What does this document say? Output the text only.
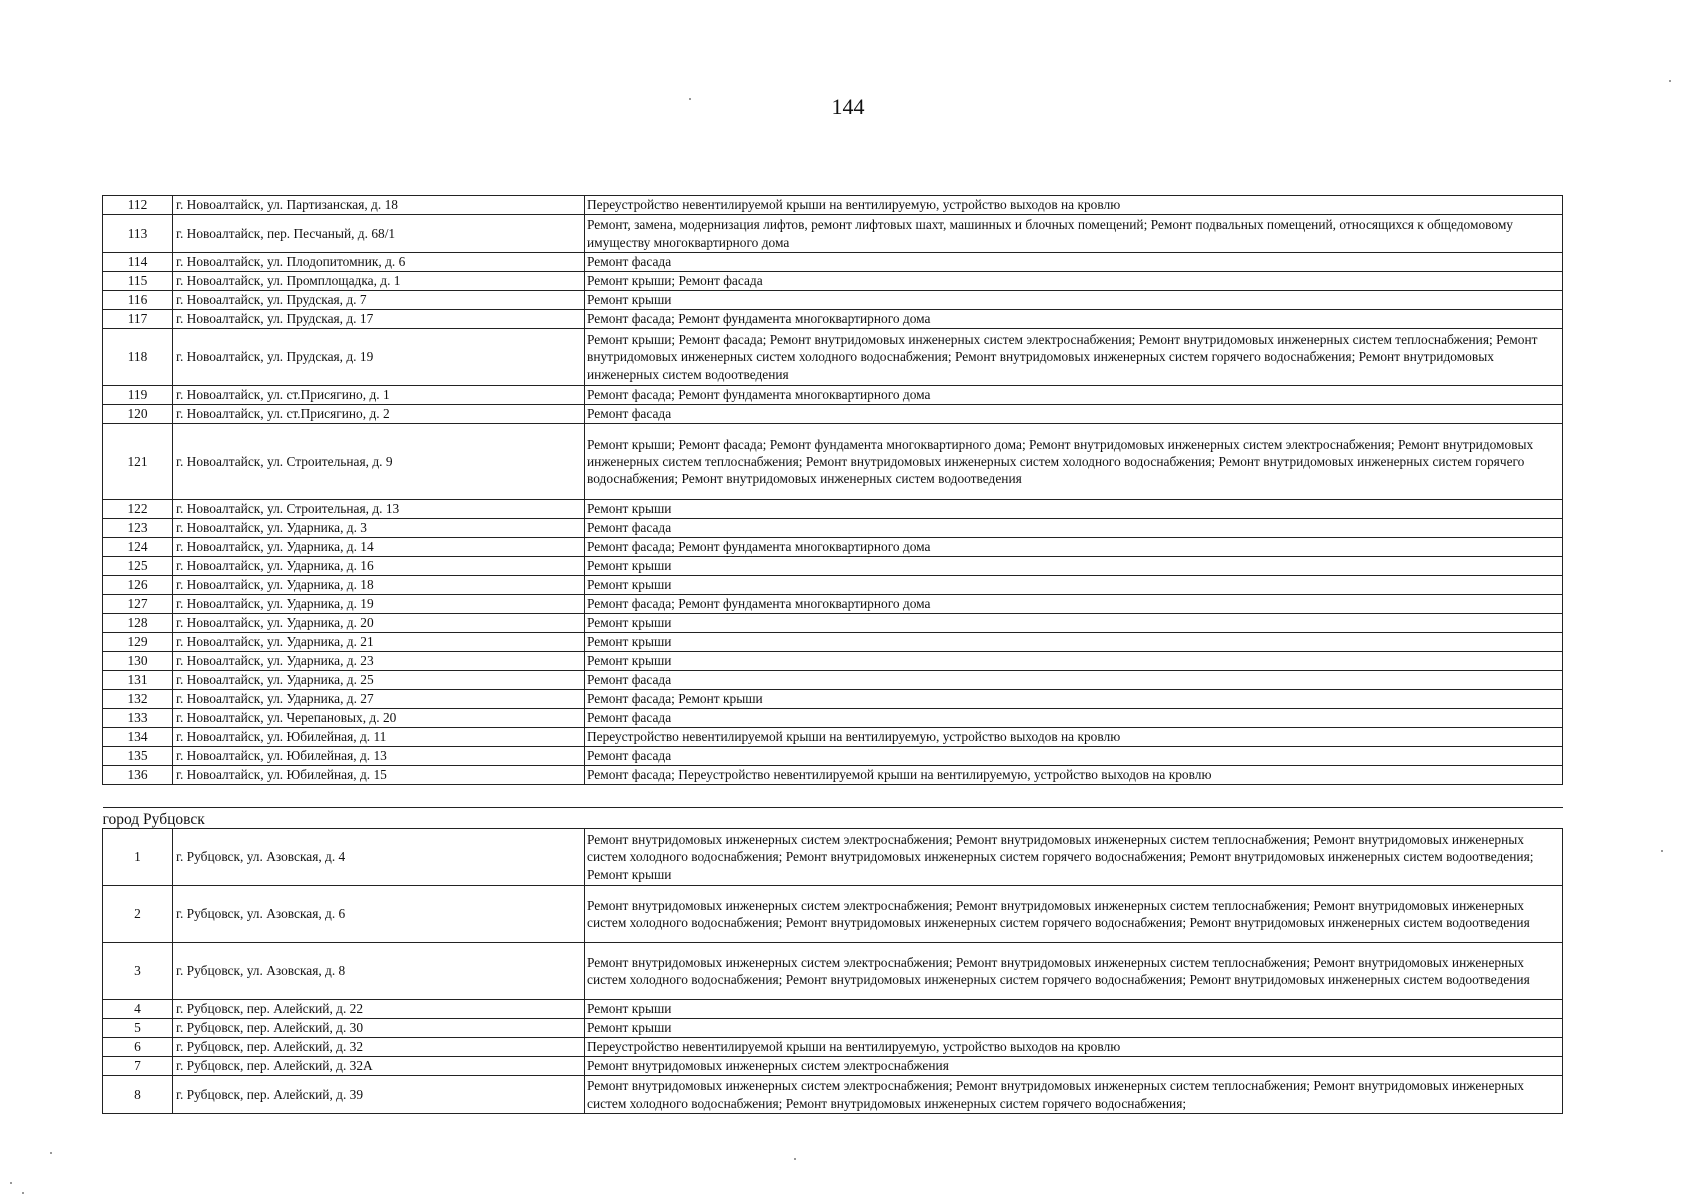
144
112	г. Новоалтайск, ул. Партизанская, д. 18	Переустройство невентилируемой крыши на вентилируемую, устройство выходов на кровлю
113	г. Новоалтайск, пер. Песчаный, д. 68/1	Ремонт, замена, модернизация лифтов, ремонт лифтовых шахт, машинных и блочных помещений; Ремонт подвальных помещений, относящихся к общедомовому имуществу многоквартирного дома
114	г. Новоалтайск, ул. Плодопитомник, д. 6	Ремонт фасада
115	г. Новоалтайск, ул. Промплощадка, д. 1	Ремонт крыши; Ремонт фасада
116	г. Новоалтайск, ул. Прудская, д. 7	Ремонт крыши
117	г. Новоалтайск, ул. Прудская, д. 17	Ремонт фасада; Ремонт фундамента многоквартирного дома
118	г. Новоалтайск, ул. Прудская, д. 19	Ремонт крыши; Ремонт фасада; Ремонт внутридомовых инженерных систем электроснабжения; Ремонт внутридомовых инженерных систем теплоснабжения; Ремонт внутридомовых инженерных систем холодного водоснабжения; Ремонт внутридомовых инженерных систем горячего водоснабжения; Ремонт внутридомовых инженерных систем водоотведения
119	г. Новоалтайск, ул. ст.Присягино, д. 1	Ремонт фасада; Ремонт фундамента многоквартирного дома
120	г. Новоалтайск, ул. ст.Присягино, д. 2	Ремонт фасада
121	г. Новоалтайск, ул. Строительная, д. 9	Ремонт крыши; Ремонт фасада; Ремонт фундамента многоквартирного дома; Ремонт внутридомовых инженерных систем электроснабжения; Ремонт внутридомовых инженерных систем теплоснабжения; Ремонт внутридомовых инженерных систем холодного водоснабжения; Ремонт внутридомовых инженерных систем горячего водоснабжения; Ремонт внутридомовых инженерных систем водоотведения
122	г. Новоалтайск, ул. Строительная, д. 13	Ремонт крыши
123	г. Новоалтайск, ул. Ударника, д. 3	Ремонт фасада
124	г. Новоалтайск, ул. Ударника, д. 14	Ремонт фасада; Ремонт фундамента многоквартирного дома
125	г. Новоалтайск, ул. Ударника, д. 16	Ремонт крыши
126	г. Новоалтайск, ул. Ударника, д. 18	Ремонт крыши
127	г. Новоалтайск, ул. Ударника, д. 19	Ремонт фасада; Ремонт фундамента многоквартирного дома
128	г. Новоалтайск, ул. Ударника, д. 20	Ремонт крыши
129	г. Новоалтайск, ул. Ударника, д. 21	Ремонт крыши
130	г. Новоалтайск, ул. Ударника, д. 23	Ремонт крыши
131	г. Новоалтайск, ул. Ударника, д. 25	Ремонт фасада
132	г. Новоалтайск, ул. Ударника, д. 27	Ремонт фасада; Ремонт крыши
133	г. Новоалтайск, ул. Черепановых, д. 20	Ремонт фасада
134	г. Новоалтайск, ул. Юбилейная, д. 11	Переустройство невентилируемой крыши на вентилируемую, устройство выходов на кровлю
135	г. Новоалтайск, ул. Юбилейная, д. 13	Ремонт фасада
136	г. Новоалтайск, ул. Юбилейная, д. 15	Ремонт фасада; Переустройство невентилируемой крыши на вентилируемую, устройство выходов на кровлю

город Рубцовск		
1	г. Рубцовск, ул. Азовская, д. 4	Ремонт внутридомовых инженерных систем электроснабжения; Ремонт внутридомовых инженерных систем теплоснабжения; Ремонт внутридомовых инженерных систем холодного водоснабжения; Ремонт внутридомовых инженерных систем горячего водоснабжения; Ремонт внутридомовых инженерных систем водоотведения; Ремонт крыши
2	г. Рубцовск, ул. Азовская, д. 6	Ремонт внутридомовых инженерных систем электроснабжения; Ремонт внутридомовых инженерных систем теплоснабжения; Ремонт внутридомовых инженерных систем холодного водоснабжения; Ремонт внутридомовых инженерных систем горячего водоснабжения; Ремонт внутридомовых инженерных систем водоотведения
3	г. Рубцовск, ул. Азовская, д. 8	Ремонт внутридомовых инженерных систем электроснабжения; Ремонт внутридомовых инженерных систем теплоснабжения; Ремонт внутридомовых инженерных систем холодного водоснабжения; Ремонт внутридомовых инженерных систем горячего водоснабжения; Ремонт внутридомовых инженерных систем водоотведения
4	г. Рубцовск, пер. Алейский, д. 22	Ремонт крыши
5	г. Рубцовск, пер. Алейский, д. 30	Ремонт крыши
6	г. Рубцовск, пер. Алейский, д. 32	Переустройство невентилируемой крыши на вентилируемую, устройство выходов на кровлю
7	г. Рубцовск, пер. Алейский, д. 32А	Ремонт внутридомовых инженерных систем электроснабжения
8	г. Рубцовск, пер. Алейский, д. 39	Ремонт внутридомовых инженерных систем электроснабжения; Ремонт внутридомовых инженерных систем теплоснабжения; Ремонт внутридомовых инженерных систем холодного водоснабжения; Ремонт внутридомовых инженерных систем горячего водоснабжения;
